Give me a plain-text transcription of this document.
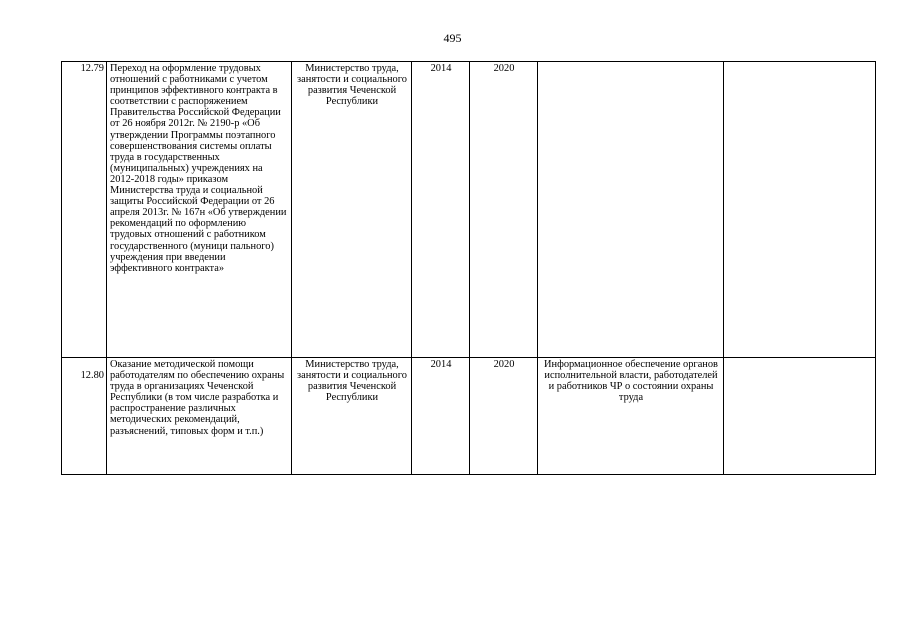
495
12.79	Переход на оформление трудовых отношений с работниками с учетом принципов эффективного контракта в соответствии с распоряжением Правительства Российской Федерации от 26 ноября 2012г. № 2190-р «Об утверждении Программы поэтапного совершенствования системы оплаты труда в государственных (муниципальных) учреждениях на 2012-2018 годы» приказом Министерства труда и социальной защиты Российской Федерации от 26 апреля 2013г. № 167н «Об утверждении рекомендаций по оформлению трудовых отношений с работником государственного (муници пального) учреждения при введении эффективного контракта»	Министерство труда, занятости и социального развития Чеченской Республики	2014	2020		

12.80	Оказание методической помощи работодателям по обеспечению охраны труда в организациях Чеченской Республики (в том числе разработка и распространение различных методических рекомендаций, разъяснений, типовых форм и т.п.)	Министерство труда, занятости и социального развития Чеченской Республики	2014	2020	Информационное обеспечение органов исполнительной власти, работодателей и работников ЧР о состоянии охраны труда	
